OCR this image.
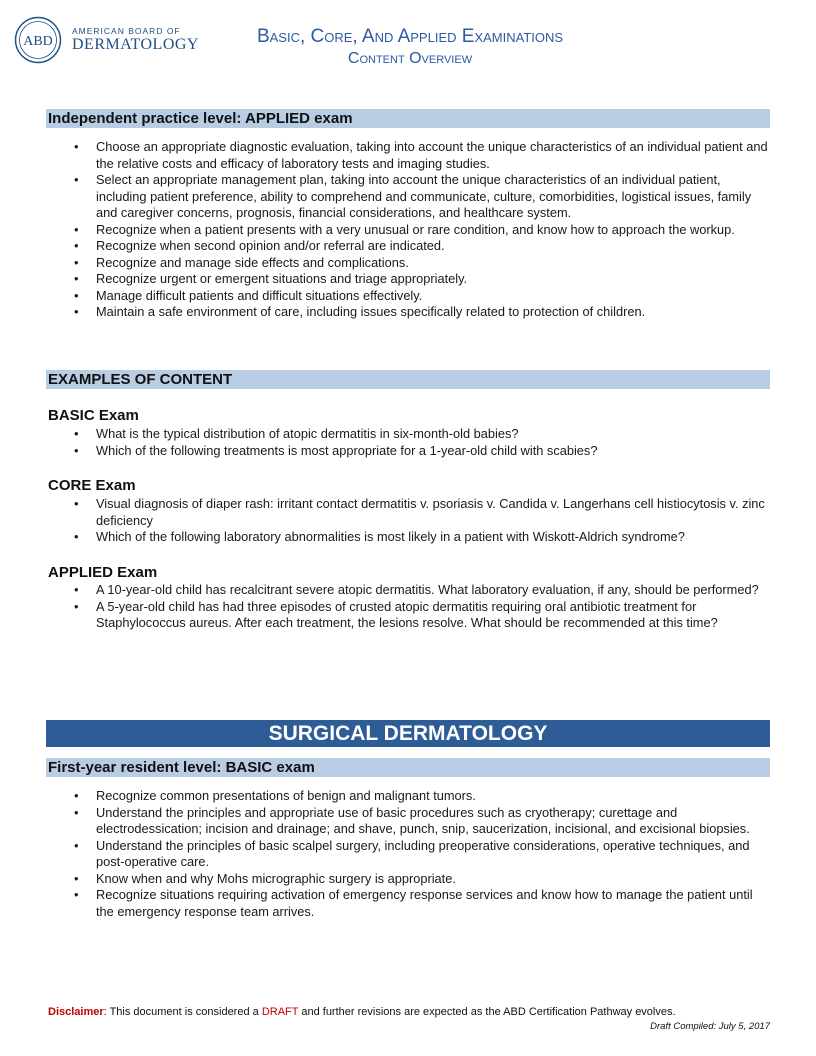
ABD
AMERICAN BOARD OF
DERMATOLOGY	Basic, Core, And Applied Examinations
Content Overview
Independent practice level: APPLIED exam
• Choose an appropriate diagnostic evaluation, taking into account the unique characteristics of an individual patient and the relative costs and efficacy of laboratory tests and imaging studies.
• Select an appropriate management plan, taking into account the unique characteristics of an individual patient, including patient preference, ability to comprehend and communicate, culture, comorbidities, logistical issues, family and caregiver concerns, prognosis, financial considerations, and healthcare system.
• Recognize when a patient presents with a very unusual or rare condition, and know how to approach the workup.
• Recognize when second opinion and/or referral are indicated.
• Recognize and manage side effects and complications.
• Recognize urgent or emergent situations and triage appropriately.
• Manage difficult patients and difficult situations effectively.
• Maintain a safe environment of care, including issues specifically related to protection of children.
EXAMPLES OF CONTENT
BASIC Exam
• What is the typical distribution of atopic dermatitis in six-month-old babies?
• Which of the following treatments is most appropriate for a 1-year-old child with scabies?
CORE Exam
• Visual diagnosis of diaper rash: irritant contact dermatitis v. psoriasis v. Candida v. Langerhans cell histiocytosis v. zinc deficiency
• Which of the following laboratory abnormalities is most likely in a patient with Wiskott-Aldrich syndrome?
APPLIED Exam
• A 10-year-old child has recalcitrant severe atopic dermatitis. What laboratory evaluation, if any, should be performed?
• A 5-year-old child has had three episodes of crusted atopic dermatitis requiring oral antibiotic treatment for Staphylococcus aureus. After each treatment, the lesions resolve. What should be recommended at this time?
SURGICAL DERMATOLOGY
First-year resident level: BASIC exam
• Recognize common presentations of benign and malignant tumors.
• Understand the principles and appropriate use of basic procedures such as cryotherapy; curettage and electrodessication; incision and drainage; and shave, punch, snip, saucerization, incisional, and excisional biopsies.
• Understand the principles of basic scalpel surgery, including preoperative considerations, operative techniques, and post-operative care.
• Know when and why Mohs micrographic surgery is appropriate.
• Recognize situations requiring activation of emergency response services and know how to manage the patient until the emergency response team arrives.
Disclaimer: This document is considered a DRAFT and further revisions are expected as the ABD Certification Pathway evolves.
Draft Compiled: July 5, 2017
